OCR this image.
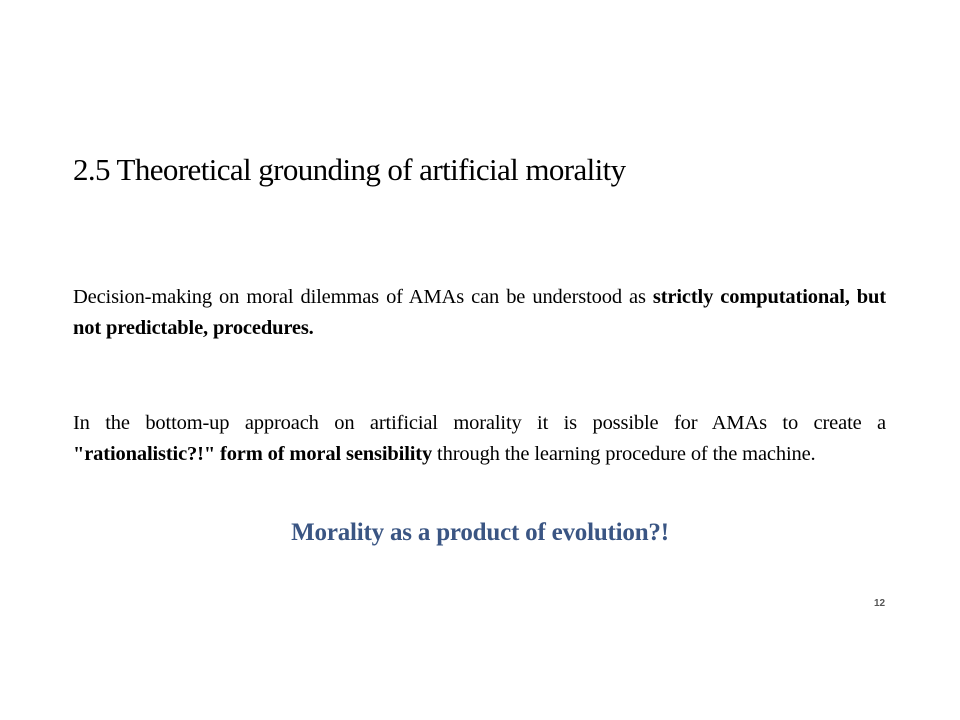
2.5 Theoretical grounding of artificial morality

Decision-making on moral dilemmas of AMAs can be understood as strictly computational, but not predictable, procedures.

In the bottom-up approach on artificial morality it is possible for AMAs to create a "rationalistic?!" form of moral sensibility through the learning procedure of the machine.

Morality as a product of evolution?!

12
